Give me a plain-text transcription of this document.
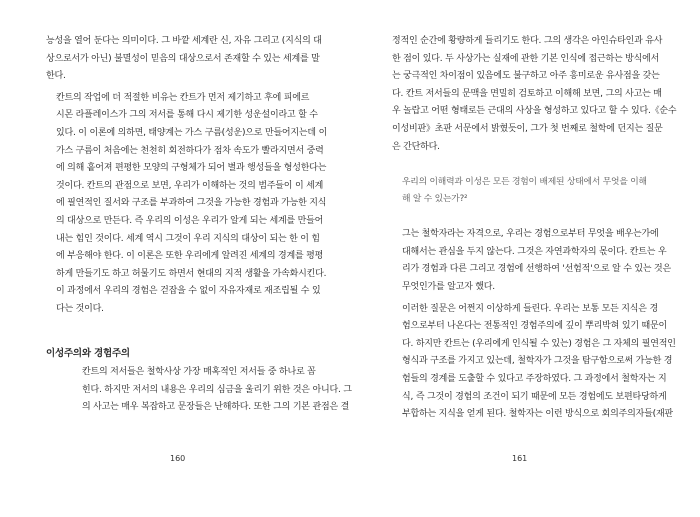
능성을 열어 둔다는 의미이다. 그 바깥 세계란 신, 자유 그리고 (지식의 대
상으로서가 아닌) 불멸성이 믿음의 대상으로서 존재할 수 있는 세계를 말
한다.
칸트의 작업에 더 적절한 비유는 칸트가 먼저 제기하고 후에 피에르
시몬 라플레이스가 그의 저서를 통해 다시 제기한 성운설이라고 할 수
있다. 이 이론에 의하면, 태양계는 가스 구름(성운)으로 만들어지는데 이
가스 구름이 처음에는 천천히 회전하다가 점차 속도가 빨라지면서 중력
에 의해 흩어져 편평한 모양의 구형체가 되어 별과 행성들을 형성한다는
것이다. 칸트의 관점으로 보면, 우리가 이해하는 것의 범주들이 이 세계
에 필연적인 질서와 구조를 부과하여 그것을 가능한 경험과 가능한 지식
의 대상으로 만든다. 즉 우리의 이성은 우리가 알게 되는 세계를 만들어
내는 힘인 것이다. 세계 역시 그것이 우리 지식의 대상이 되는 한 이 힘
에 부응해야 한다. 이 이론은 또한 우리에게 알려진 세계의 경계를 평평
하게 만들기도 하고 허물기도 하면서 현대의 지적 생활을 가속화시킨다.
이 과정에서 우리의 경험은 걷잡을 수 없이 자유자재로 재조립될 수 있
다는 것이다.
이성주의와 경험주의
칸트의 저서들은 철학사상 가장 매혹적인 저서들 중 하나로 꼽
힌다. 하지만 저서의 내용은 우리의 심금을 울리기 위한 것은 아니다. 그
의 사고는 매우 복잡하고 문장들은 난해하다. 또한 그의 기본 관점은 결
160
정적인 순간에 황량하게 들리기도 한다. 그의 생각은 아인슈타인과 유사
한 점이 있다. 두 사상가는 실재에 관한 기본 인식에 접근하는 방식에서
는 궁극적인 차이점이 있음에도 불구하고 아주 흥미로운 유사점을 갖는
다. 칸트 저서들의 문맥을 면밀히 검토하고 이해해 보면, 그의 사고는 매
우 놀랍고 어떤 형태로든 근대의 사상을 형성하고 있다고 할 수 있다.《순수
이성비판》초판 서문에서 밝혔듯이, 그가 첫 번째로 철학에 던지는 질문
은 간단하다.
우리의 이해력과 이성은 모든 경험이 배제된 상태에서 무엇을 이해
해 알 수 있는가?²
그는 철학자라는 자격으로, 우리는 경험으로부터 무엇을 배우는가에
대해서는 관심을 두지 않는다. 그것은 자연과학자의 몫이다. 칸트는 우
리가 경험과 다른 그리고 경험에 선행하여 '선험적'으로 알 수 있는 것은
무엇인가를 알고자 했다.
이러한 질문은 어쩐지 이상하게 들린다. 우리는 보통 모든 지식은 경
험으로부터 나온다는 전통적인 경험주의에 깊이 뿌리박혀 있기 때문이
다. 하지만 칸트는 (우리에게 인식될 수 있는) 경험은 그 자체의 필연적인
형식과 구조를 가지고 있는데, 철학자가 그것을 탐구함으로써 가능한 경
험들의 경계를 도출할 수 있다고 주장하였다. 그 과정에서 철학자는 지
식, 즉 그것이 경험의 조건이 되기 때문에 모든 경험에도 보편타당하게
부합하는 지식을 얻게 된다. 철학자는 이런 방식으로 회의주의자들(재판
161
